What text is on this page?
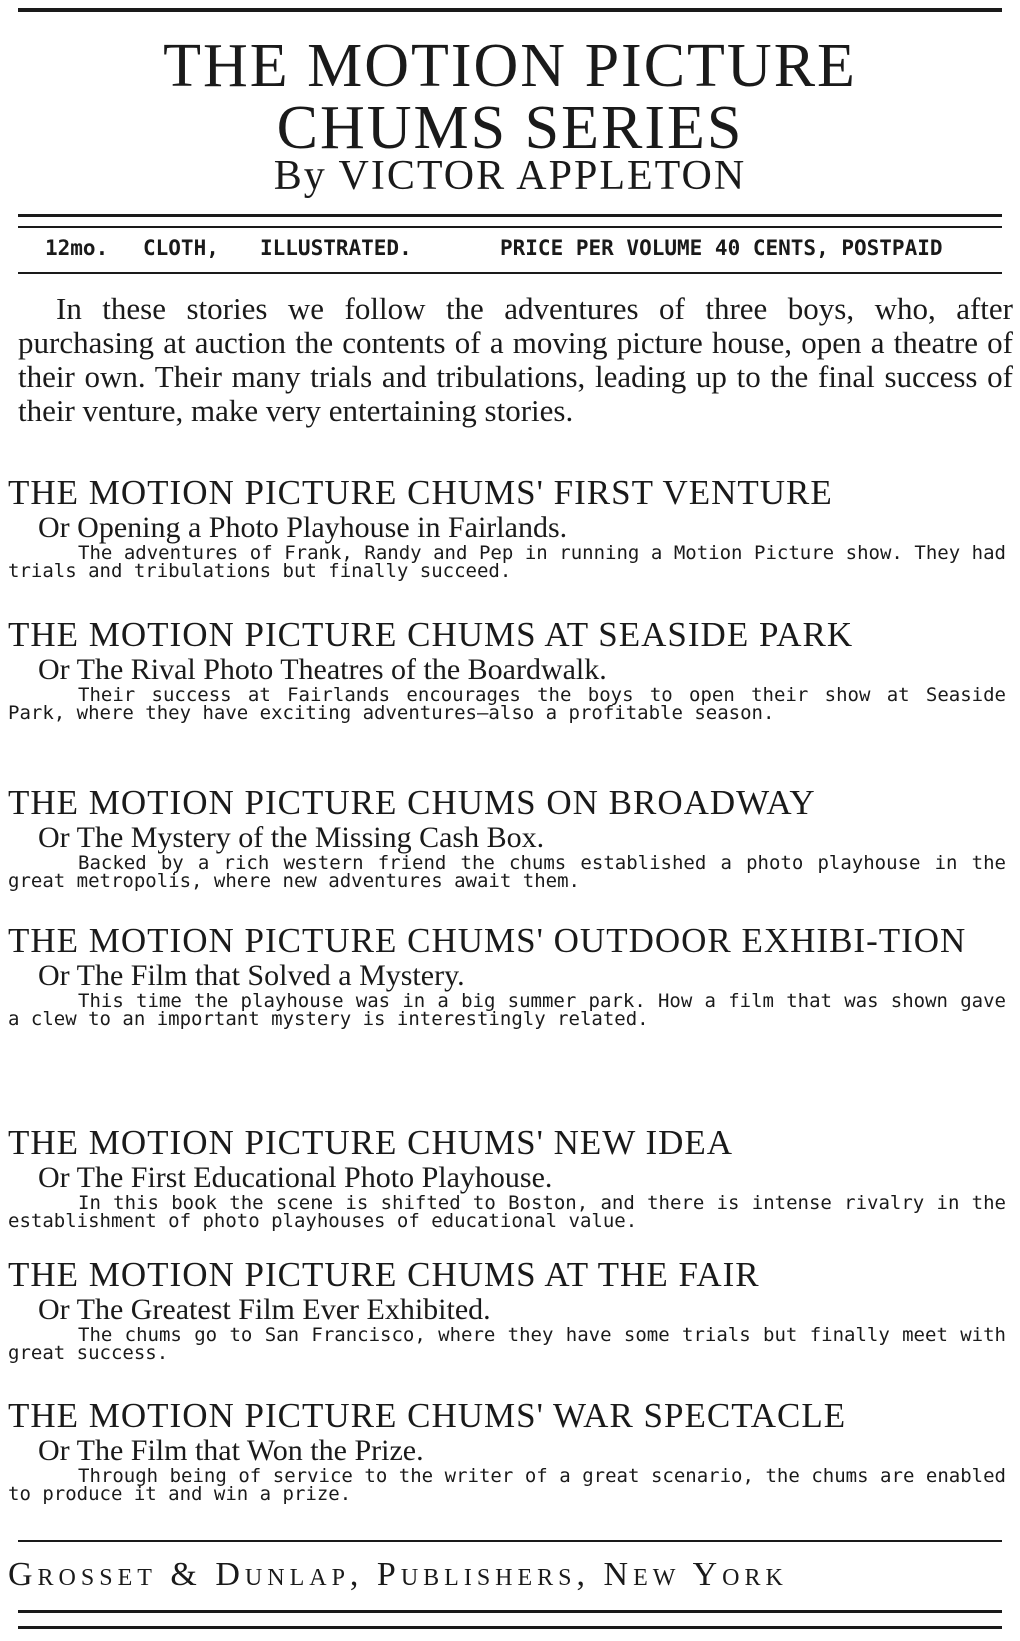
THE MOTION PICTURE
CHUMS SERIES
By VICTOR APPLETON
12mo. CLOTH, ILLUSTRATED.	PRICE PER VOLUME 40 CENTS, POSTPAID
In these stories we follow the adventures of three boys, who, after purchasing at auction the contents of a moving picture house, open a theatre of their own. Their many trials and tribulations, leading up to the final success of their venture, make very entertaining stories.
THE MOTION PICTURE CHUMS' FIRST VENTURE
Or Opening a Photo Playhouse in Fairlands.
The adventures of Frank, Randy and Pep in running a Motion Picture show. They had trials and tribulations but finally succeed.
THE MOTION PICTURE CHUMS AT SEASIDE PARK
Or The Rival Photo Theatres of the Boardwalk.
Their success at Fairlands encourages the boys to open their show at Seaside Park, where they have exciting adventures—also a profitable season.
THE MOTION PICTURE CHUMS ON BROADWAY
Or The Mystery of the Missing Cash Box.
Backed by a rich western friend the chums established a photo playhouse in the great metropolis, where new adventures await them.
THE MOTION PICTURE CHUMS' OUTDOOR EXHIBI-TION
Or The Film that Solved a Mystery.
This time the playhouse was in a big summer park. How a film that was shown gave a clew to an important mystery is interestingly related.
THE MOTION PICTURE CHUMS' NEW IDEA
Or The First Educational Photo Playhouse.
In this book the scene is shifted to Boston, and there is intense rivalry in the establishment of photo playhouses of educational value.
THE MOTION PICTURE CHUMS AT THE FAIR
Or The Greatest Film Ever Exhibited.
The chums go to San Francisco, where they have some trials but finally meet with great success.
THE MOTION PICTURE CHUMS' WAR SPECTACLE
Or The Film that Won the Prize.
Through being of service to the writer of a great scenario, the chums are enabled to produce it and win a prize.
Grosset & Dunlap, Publishers, New York
